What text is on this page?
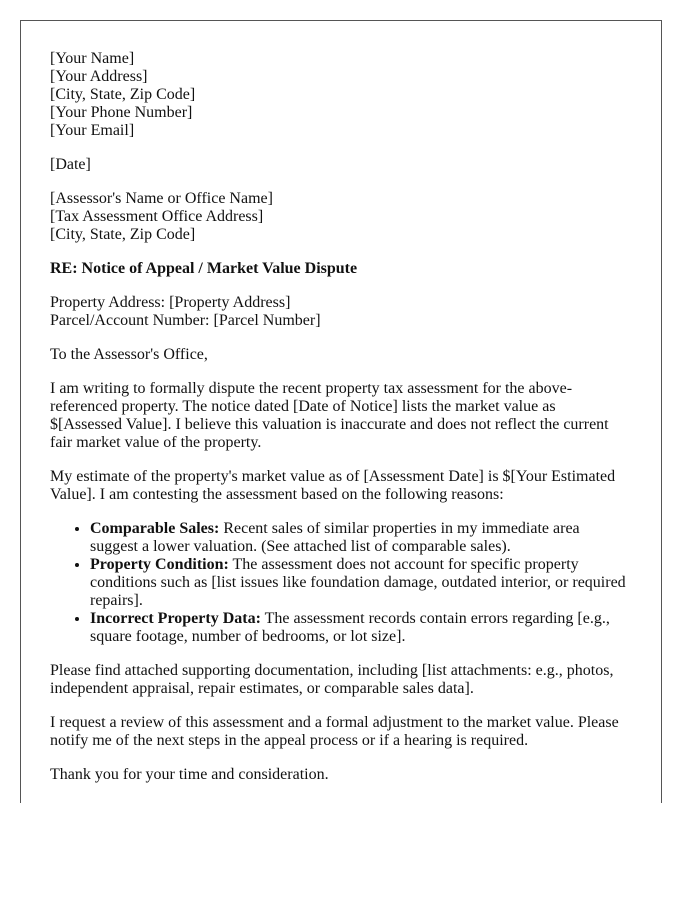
[Your Name]
[Your Address]
[City, State, Zip Code]
[Your Phone Number]
[Your Email]

[Date]

[Assessor's Name or Office Name]
[Tax Assessment Office Address]
[City, State, Zip Code]

RE: Notice of Appeal / Market Value Dispute

Property Address: [Property Address]
Parcel/Account Number: [Parcel Number]

To the Assessor's Office,

I am writing to formally dispute the recent property tax assessment for the above-referenced property. The notice dated [Date of Notice] lists the market value as $[Assessed Value]. I believe this valuation is inaccurate and does not reflect the current fair market value of the property.

My estimate of the property's market value as of [Assessment Date] is $[Your Estimated Value]. I am contesting the assessment based on the following reasons:

• Comparable Sales: Recent sales of similar properties in my immediate area suggest a lower valuation. (See attached list of comparable sales).
• Property Condition: The assessment does not account for specific property conditions such as [list issues like foundation damage, outdated interior, or required repairs].
• Incorrect Property Data: The assessment records contain errors regarding [e.g., square footage, number of bedrooms, or lot size].

Please find attached supporting documentation, including [list attachments: e.g., photos, independent appraisal, repair estimates, or comparable sales data].

I request a review of this assessment and a formal adjustment to the market value. Please notify me of the next steps in the appeal process or if a hearing is required.

Thank you for your time and consideration.
